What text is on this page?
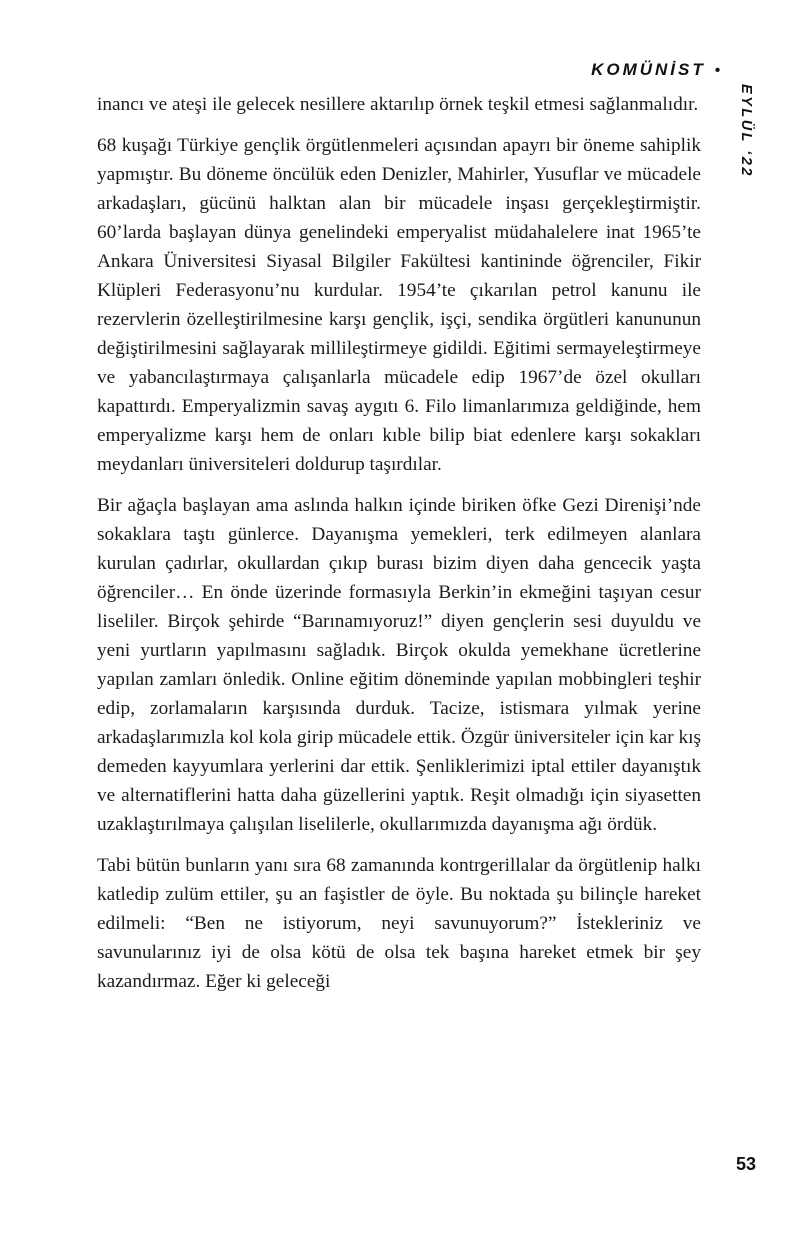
KOMÜNİST •
EYLÜL ‘22

inancı ve ateşi ile gelecek nesillere aktarılıp örnek teşkil etmesi sağlanmalıdır.

68 kuşağı Türkiye gençlik örgütlenmeleri açısından apayrı bir öneme sahiplik yapmıştır. Bu döneme öncülük eden Denizler, Mahirler, Yusuflar ve mücadele arkadaşları, gücünü halktan alan bir mücadele inşası gerçekleştirmiştir. 60’larda başlayan dünya genelindeki emperyalist müdahalelere inat 1965’te Ankara Üniversitesi Siyasal Bilgiler Fakültesi kantininde öğrenciler, Fikir Klüpleri Federasyonu’nu kurdular. 1954’te çıkarılan petrol kanunu ile rezervlerin özelleştirilmesine karşı gençlik, işçi, sendika örgütleri kanununun değiştirilmesini sağlayarak millileştirmeye gidildi. Eğitimi sermayeleştirmeye ve yabancılaştırmaya çalışanlarla mücadele edip 1967’de özel okulları kapattırdı. Emperyalizmin savaş aygıtı 6. Filo limanlarımıza geldiğinde, hem emperyalizme karşı hem de onları kıble bilip biat edenlere karşı sokakları meydanları üniversiteleri doldurup taşırdılar.

Bir ağaçla başlayan ama aslında halkın içinde biriken öfke Gezi Direnişi’nde sokaklara taştı günlerce. Dayanışma yemekleri, terk edilmeyen alanlara kurulan çadırlar, okullardan çıkıp burası bizim diyen daha gencecik yaşta öğrenciler… En önde üzerinde formasıyla Berkin’in ekmeğini taşıyan cesur liseliler. Birçok şehirde “Barınamıyoruz!” diyen gençlerin sesi duyuldu ve yeni yurtların yapılmasını sağladık. Birçok okulda yemekhane ücretlerine yapılan zamları önledik. Online eğitim döneminde yapılan mobbingleri teşhir edip, zorlamaların karşısında durduk. Tacize, istismara yılmak yerine arkadaşlarımızla kol kola girip mücadele ettik. Özgür üniversiteler için kar kış demeden kayyumlara yerlerini dar ettik. Şenliklerimizi iptal ettiler dayanıştık ve alternatiflerini hatta daha güzellerini yaptık. Reşit olmadığı için siyasetten uzaklaştırılmaya çalışılan liselilerle, okullarımızda dayanışma ağı ördük.

Tabi bütün bunların yanı sıra 68 zamanında kontrgerillalar da örgütlenip halkı katledip zulüm ettiler, şu an faşistler de öyle. Bu noktada şu bilinçle hareket edilmeli: “Ben ne istiyorum, neyi savunuyorum?” İstekleriniz ve savunularınız iyi de olsa kötü de olsa tek başına hareket etmek bir şey kazandırmaz. Eğer ki geleceği

53
